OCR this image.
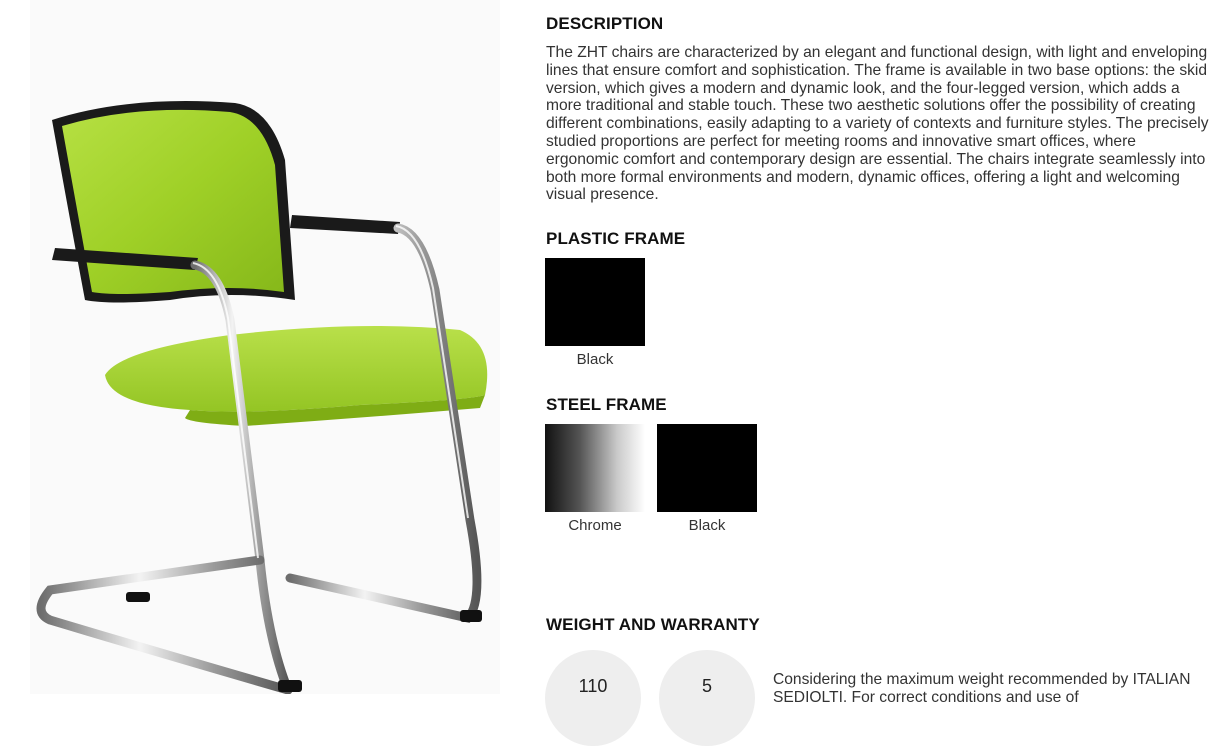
DESCRIPTION
The ZHT chairs are characterized by an elegant and functional design, with light and enveloping lines that ensure comfort and sophistication. The frame is available in two base options: the skid version, which gives a modern and dynamic look, and the four-legged version, which adds a more traditional and stable touch. These two aesthetic solutions offer the possibility of creating different combinations, easily adapting to a variety of contexts and furniture styles. The precisely studied proportions are perfect for meeting rooms and innovative smart offices, where ergonomic comfort and contemporary design are essential. The chairs integrate seamlessly into both more formal environments and modern, dynamic offices, offering a light and welcoming visual presence.
PLASTIC FRAME
Black
STEEL FRAME
Chrome	Black
WEIGHT AND WARRANTY
110	5	Considering the maximum weight recommended by ITALIAN SEDIOLTI. For correct conditions and use of
